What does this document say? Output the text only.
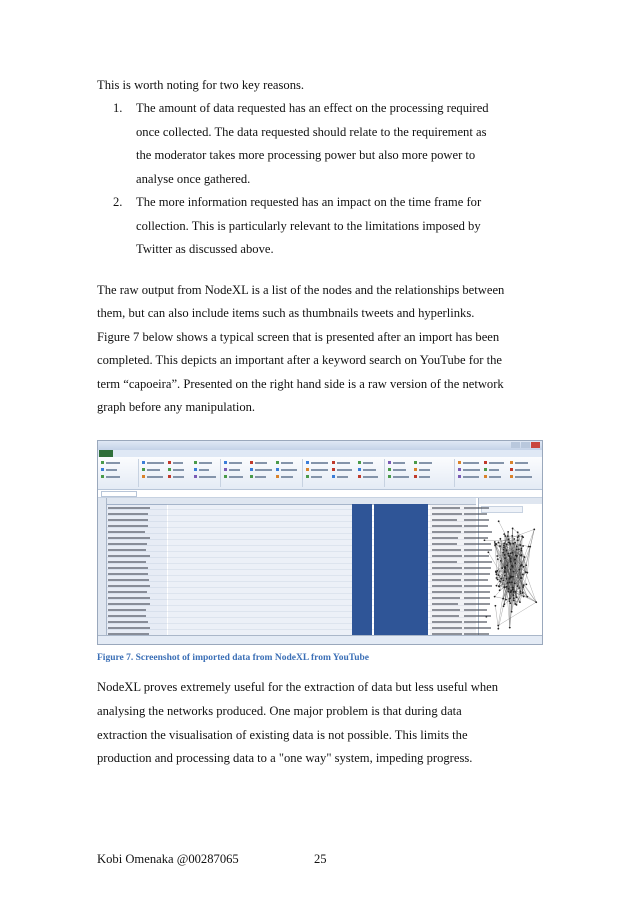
This is worth noting for two key reasons.
1. The amount of data requested has an effect on the processing required
once collected. The data requested should relate to the requirement as
the moderator takes more processing power but also more power to
analyse once gathered.
2. The more information requested has an impact on the time frame for
collection. This is particularly relevant to the limitations imposed by
Twitter as discussed above.
The raw output from NodeXL is a list of the nodes and the relationships between
them, but can also include items such as thumbnails tweets and hyperlinks.
Figure 7 below shows a typical screen that is presented after an import has been
completed. This depicts an important after a keyword search on YouTube for the
term “capoeira”. Presented on the right hand side is a raw version of the network
graph before any manipulation.
Figure 7. Screenshot of imported data from NodeXL from YouTube
NodeXL proves extremely useful for the extraction of data but less useful when
analysing the networks produced. One major problem is that during data
extraction the visualisation of existing data is not possible. This limits the
production and processing data to a "one way" system, impeding progress.
Kobi Omenaka @00287065	25
